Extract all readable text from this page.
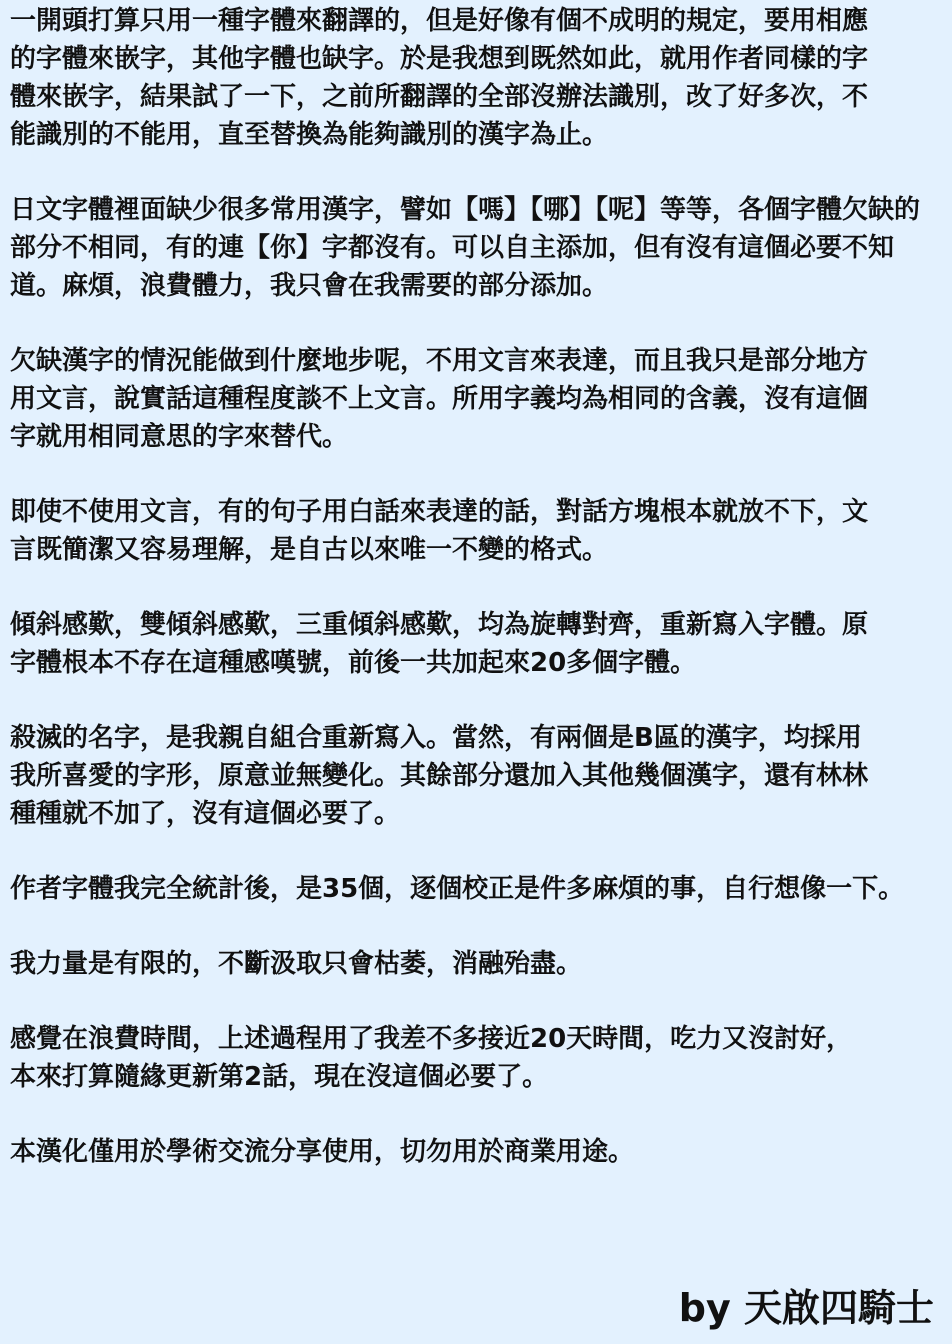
一開頭打算只用一種字體來翻譯的，但是好像有個不成明的規定，要用相應
的字體來嵌字，其他字體也缺字。於是我想到既然如此，就用作者同樣的字
體來嵌字，結果試了一下，之前所翻譯的全部沒辦法識別，改了好多次，不
能識別的不能用，直至替換為能夠識別的漢字為止。
日文字體裡面缺少很多常用漢字，譬如【嗎】【哪】【呢】等等，各個字體欠缺的
部分不相同，有的連【你】字都沒有。可以自主添加，但有沒有這個必要不知
道。麻煩，浪費體力，我只會在我需要的部分添加。
欠缺漢字的情況能做到什麼地步呢，不用文言來表達，而且我只是部分地方
用文言，說實話這種程度談不上文言。所用字義均為相同的含義，沒有這個
字就用相同意思的字來替代。
即使不使用文言，有的句子用白話來表達的話，對話方塊根本就放不下，文
言既簡潔又容易理解，是自古以來唯一不變的格式。
傾斜感歎，雙傾斜感歎，三重傾斜感歎，均為旋轉對齊，重新寫入字體。原
字體根本不存在這種感嘆號，前後一共加起來20多個字體。
殺滅的名字，是我親自組合重新寫入。當然，有兩個是B區的漢字，均採用
我所喜愛的字形，原意並無變化。其餘部分還加入其他幾個漢字，還有林林
種種就不加了，沒有這個必要了。
作者字體我完全統計後，是35個，逐個校正是件多麻煩的事，自行想像一下。
我力量是有限的，不斷汲取只會枯萎，消融殆盡。
感覺在浪費時間，上述過程用了我差不多接近20天時間，吃力又沒討好，
本來打算隨緣更新第2話，現在沒這個必要了。
本漢化僅用於學術交流分享使用，切勿用於商業用途。
by 天啟四騎士
